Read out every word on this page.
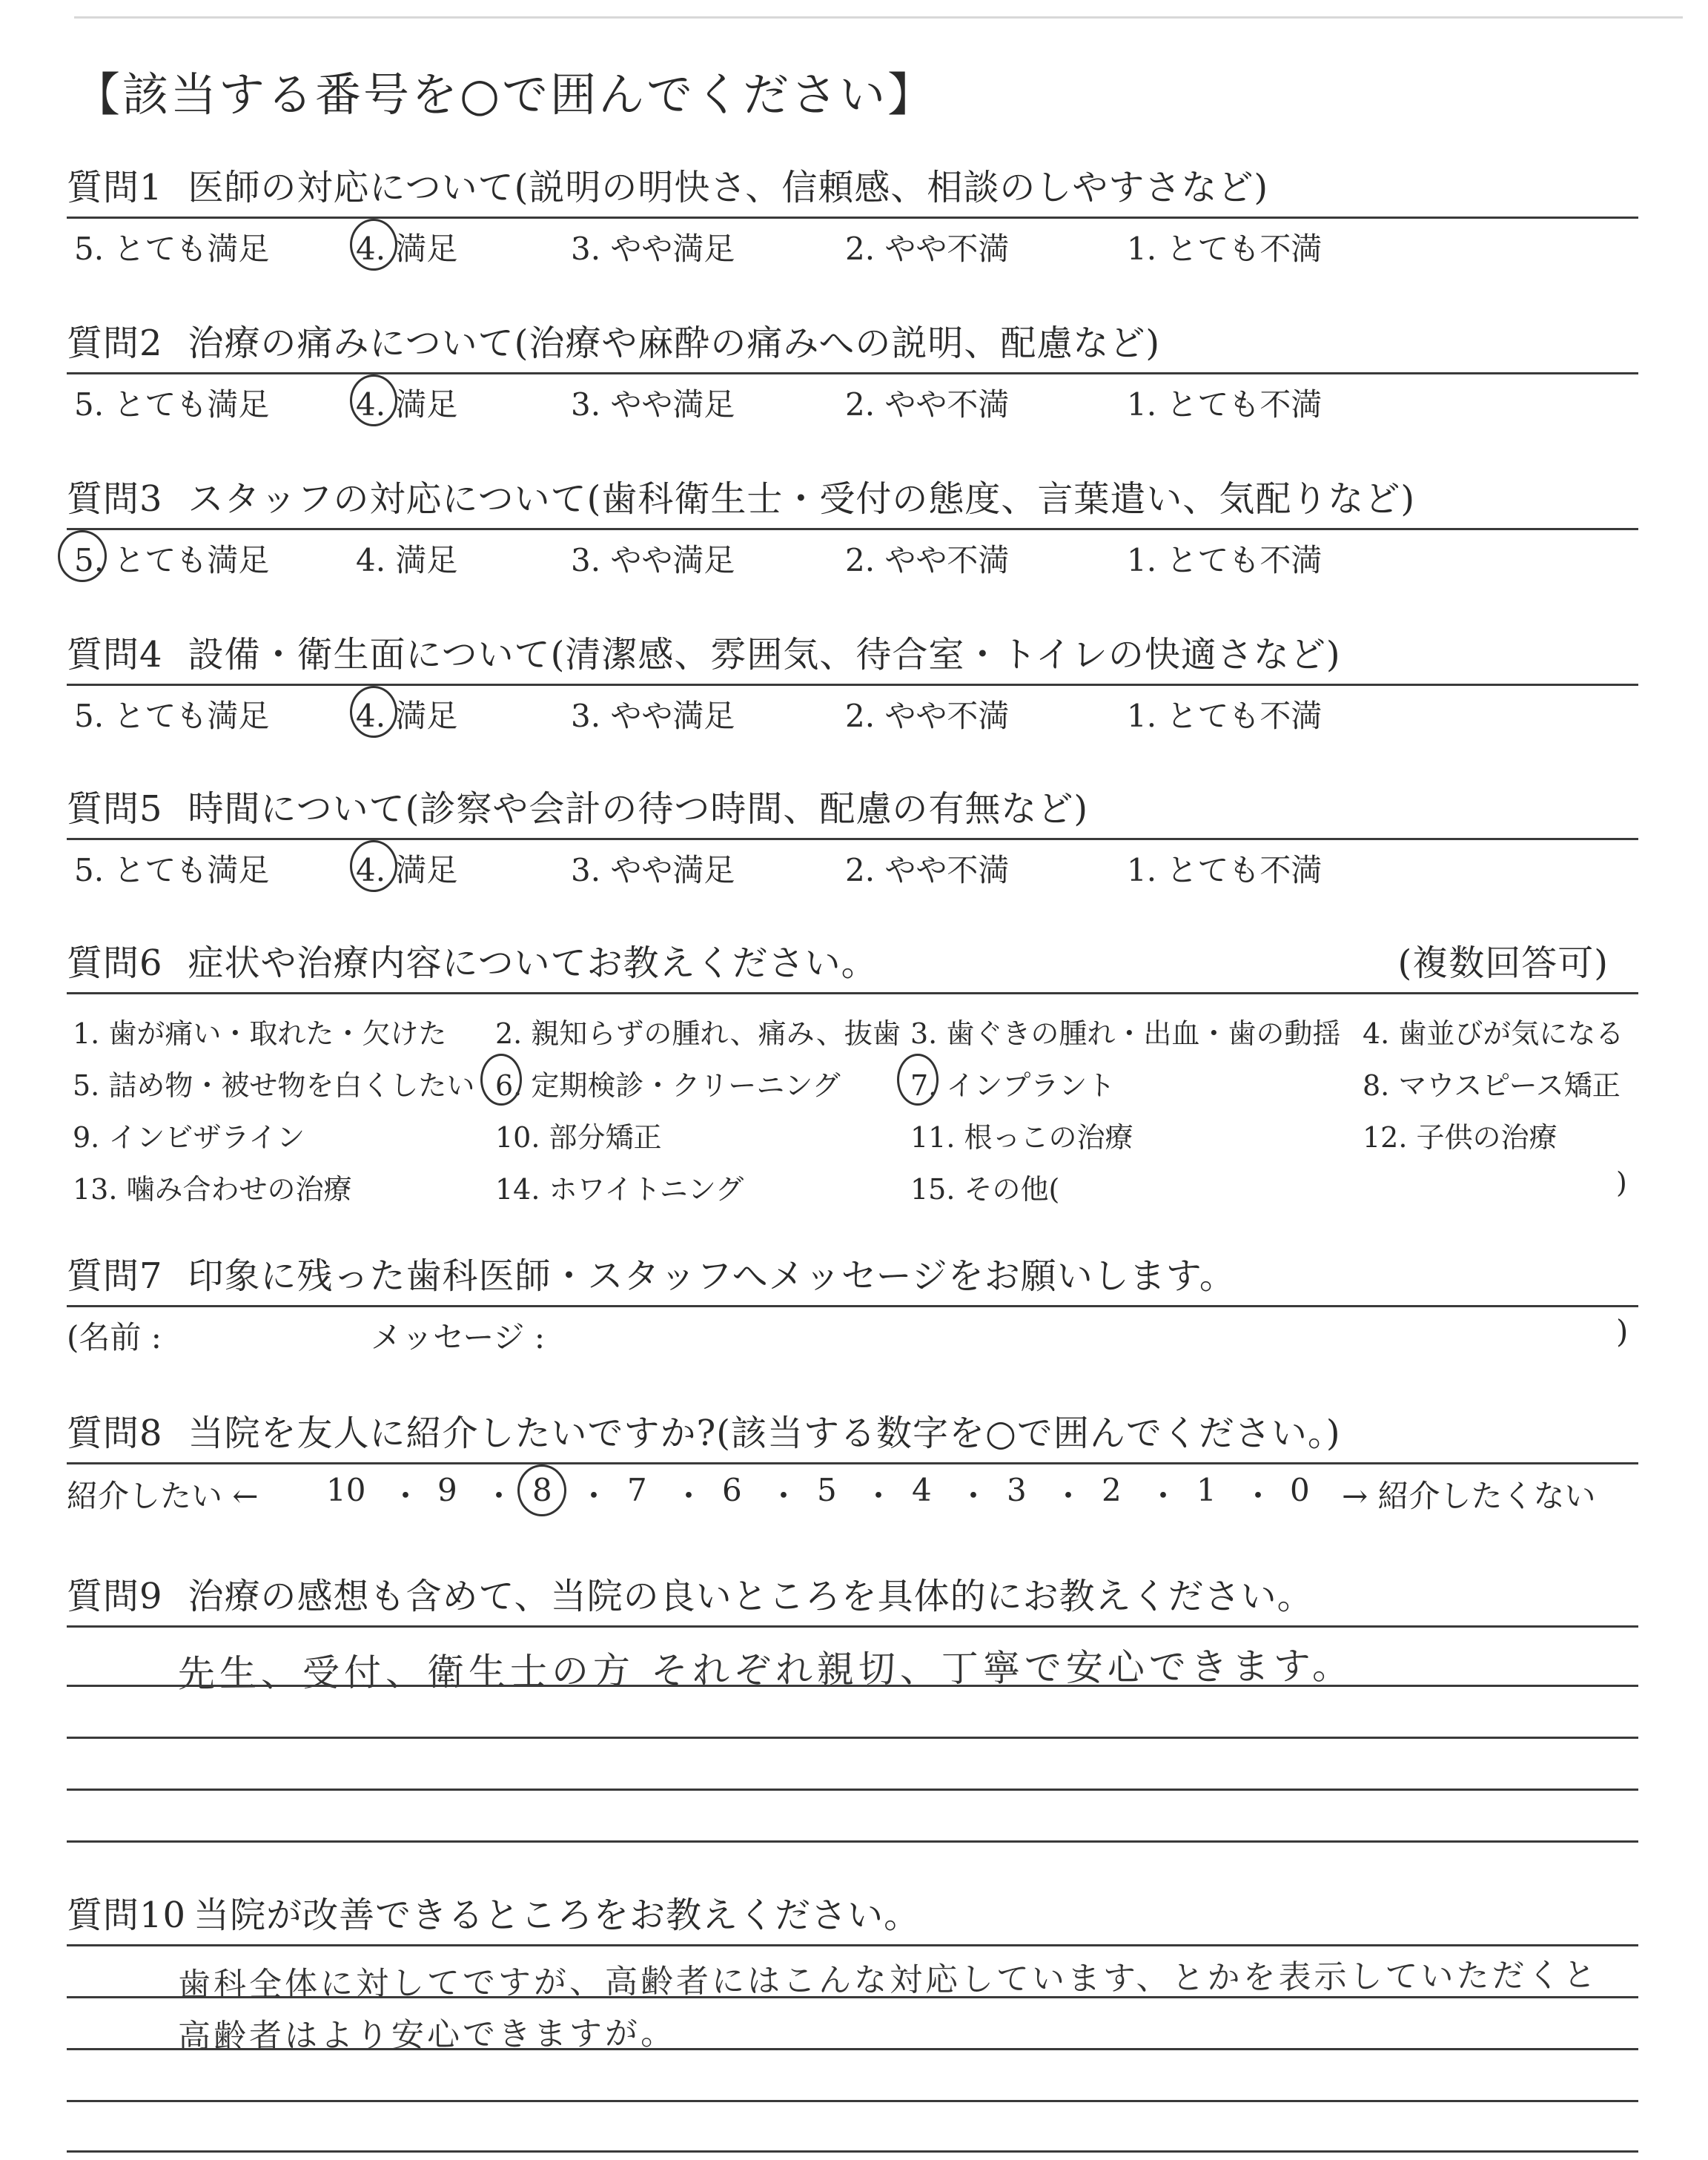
【該当する番号を○で囲んでください】
質問1 医師の対応について(説明の明快さ、信頼感、相談のしやすさなど)
5. とても満足	4. 満足	3. やや満足	2. やや不満	1. とても不満
質問2 治療の痛みについて(治療や麻酔の痛みへの説明、配慮など)
5. とても満足	4. 満足	3. やや満足	2. やや不満	1. とても不満
質問3 スタッフの対応について(歯科衛生士・受付の態度、言葉遣い、気配りなど)
5. とても満足	4. 満足	3. やや満足	2. やや不満	1. とても不満
質問4 設備・衛生面について(清潔感、雰囲気、待合室・トイレの快適さなど)
5. とても満足	4. 満足	3. やや満足	2. やや不満	1. とても不満
質問5 時間について(診察や会計の待つ時間、配慮の有無など)
5. とても満足	4. 満足	3. やや満足	2. やや不満	1. とても不満
質問6 症状や治療内容についてお教えください。	(複数回答可)
1. 歯が痛い・取れた・欠けた 2. 親知らずの腫れ、痛み、抜歯 3. 歯ぐきの腫れ・出血・歯の動揺 4. 歯並びが気になる
5. 詰め物・被せ物を白くしたい 6. 定期検診・クリーニング 7. インプラント	8. マウスピース矯正
9. インビザライン	10. 部分矯正	11. 根っこの治療	12. 子供の治療
13. 噛み合わせの治療	14. ホワイトニング	15. その他(	)
質問7 印象に残った歯科医師・スタッフへメッセージをお願いします。
(名前 :	メッセージ :	)
質問8 当院を友人に紹介したいですか?(該当する数字を○で囲んでください。)
紹介したい ← 10 ・ 9 ・ 8 ・ 7 ・ 6 ・ 5 ・ 4 ・ 3 ・ 2 ・ 1 ・ 0 → 紹介したくない
質問9 治療の感想も含めて、当院の良いところを具体的にお教えください。
先生、受付、衛生士の方 それぞれ親切、丁寧で安心できます。
質問10 当院が改善できるところをお教えください。
歯科全体に対してですが、高齢者にはこんな対応しています、とかを表示していただくと
高齢者はより安心できますが。
